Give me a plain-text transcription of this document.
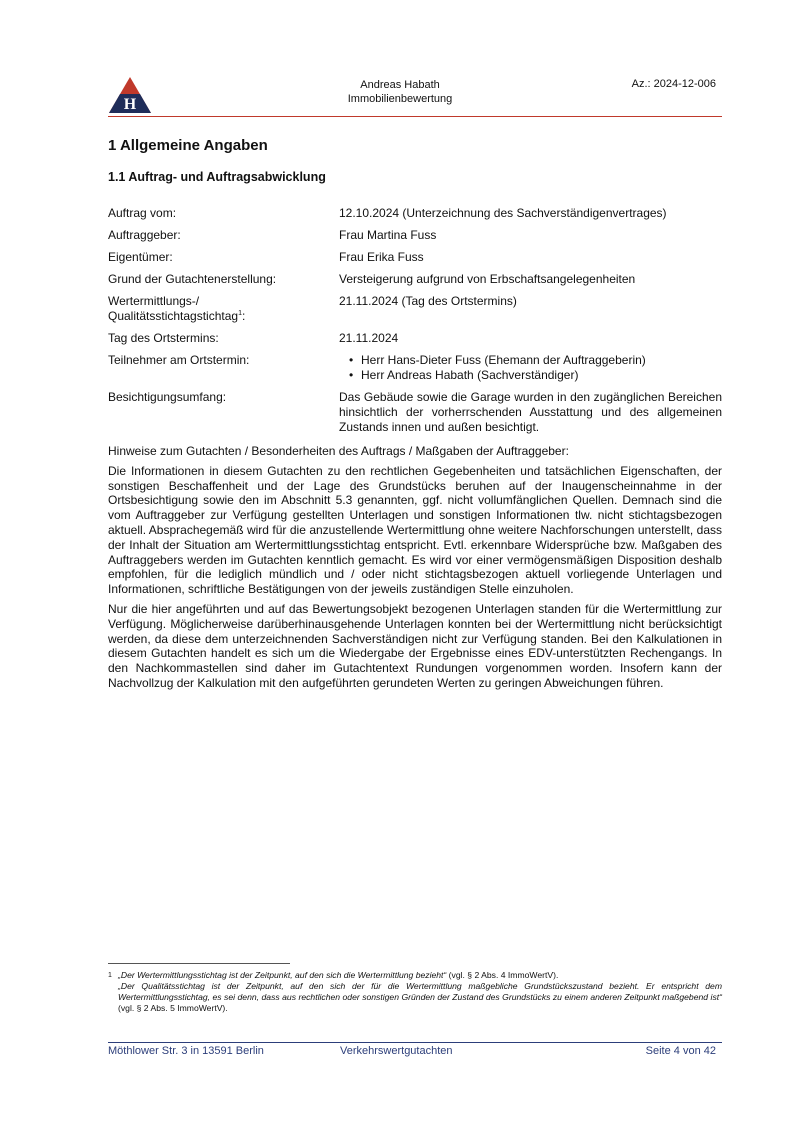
H
Andreas Habath
Immobilienbewertung
Az.: 2024-12-006
1 Allgemeine Angaben
1.1 Auftrag- und Auftragsabwicklung
Auftrag vom:	12.10.2024 (Unterzeichnung des Sachverständigenvertrages)
Auftraggeber:	Frau Martina Fuss
Eigentümer:	Frau Erika Fuss
Grund der Gutachtenerstellung:	Versteigerung aufgrund von Erbschaftsangelegenheiten
Wertermittlungs-/
Qualitätsstichtagstichtag$^1$:
21.11.2024 (Tag des Ortstermins)
Tag des Ortstermins:	21.11.2024
Teilnehmer am Ortstermin:
•	Herr Hans-Dieter Fuss (Ehemann der Auftraggeberin)
• Herr Andreas Habath (Sachverständiger)
Besichtigungsumfang:	Das Gebäude sowie die Garage wurden in den zugänglichen Bereichen hinsichtlich der vorherrschenden Ausstattung und des allgemeinen Zustands innen und außen besichtigt.

Hinweise zum Gutachten / Besonderheiten des Auftrags / Maßgaben der Auftraggeber:

Die Informationen in diesem Gutachten zu den rechtlichen Gegebenheiten und tatsächlichen Eigenschaften, der sonstigen Beschaffenheit und der Lage des Grundstücks beruhen auf der Inaugenscheinnahme in der Ortsbesichtigung sowie den im Abschnitt 5.3 genannten, ggf. nicht vollumfänglichen Quellen. Demnach sind die vom Auftraggeber zur Verfügung gestellten Unterlagen und sonstigen Informationen tlw. nicht stichtagsbezogen aktuell. Absprachegemäß wird für die anzustellende Wertermittlung ohne weitere Nachforschungen unterstellt, dass der Inhalt der Situation am Wertermittlungsstichtag entspricht. Evtl. erkennbare Widersprüche bzw. Maßgaben des Auftraggebers werden im Gutachten kenntlich gemacht. Es wird vor einer vermögensmäßigen Disposition deshalb empfohlen, für die lediglich mündlich und / oder nicht stichtagsbezogen aktuell vorliegende Unterlagen und Informationen, schriftliche Bestätigungen von der jeweils zuständigen Stelle einzuholen.

Nur die hier angeführten und auf das Bewertungsobjekt bezogenen Unterlagen standen für die Wertermittlung zur Verfügung. Möglicherweise darüberhinausgehende Unterlagen konnten bei der Wertermittlung nicht berücksichtigt werden, da diese dem unterzeichnenden Sachverständigen nicht zur Verfügung standen. Bei den Kalkulationen in diesem Gutachten handelt es sich um die Wiedergabe der Ergebnisse eines EDV-unterstützten Rechengangs. In den Nachkommastellen sind daher im Gutachtentext Rundungen vorgenommen worden. Insofern kann der Nachvollzug der Kalkulation mit den aufgeführten gerundeten Werten zu geringen Abweichungen führen.

1 „Der Wertermittlungsstichtag ist der Zeitpunkt, auf den sich die Wertermittlung bezieht“ (vgl. § 2 Abs. 4 ImmoWertV).
„Der Qualitätsstichtag ist der Zeitpunkt, auf den sich der für die Wertermittlung maßgebliche Grundstückszustand bezieht. Er entspricht dem Wertermittlungsstichtag, es sei denn, dass aus rechtlichen oder sonstigen Gründen der Zustand des Grundstücks zu einem anderen Zeitpunkt maßgebend ist“ (vgl. § 2 Abs. 5 ImmoWertV).
Möthlower Str. 3 in 13591 Berlin	Verkehrswertgutachten	Seite 4 von 42
